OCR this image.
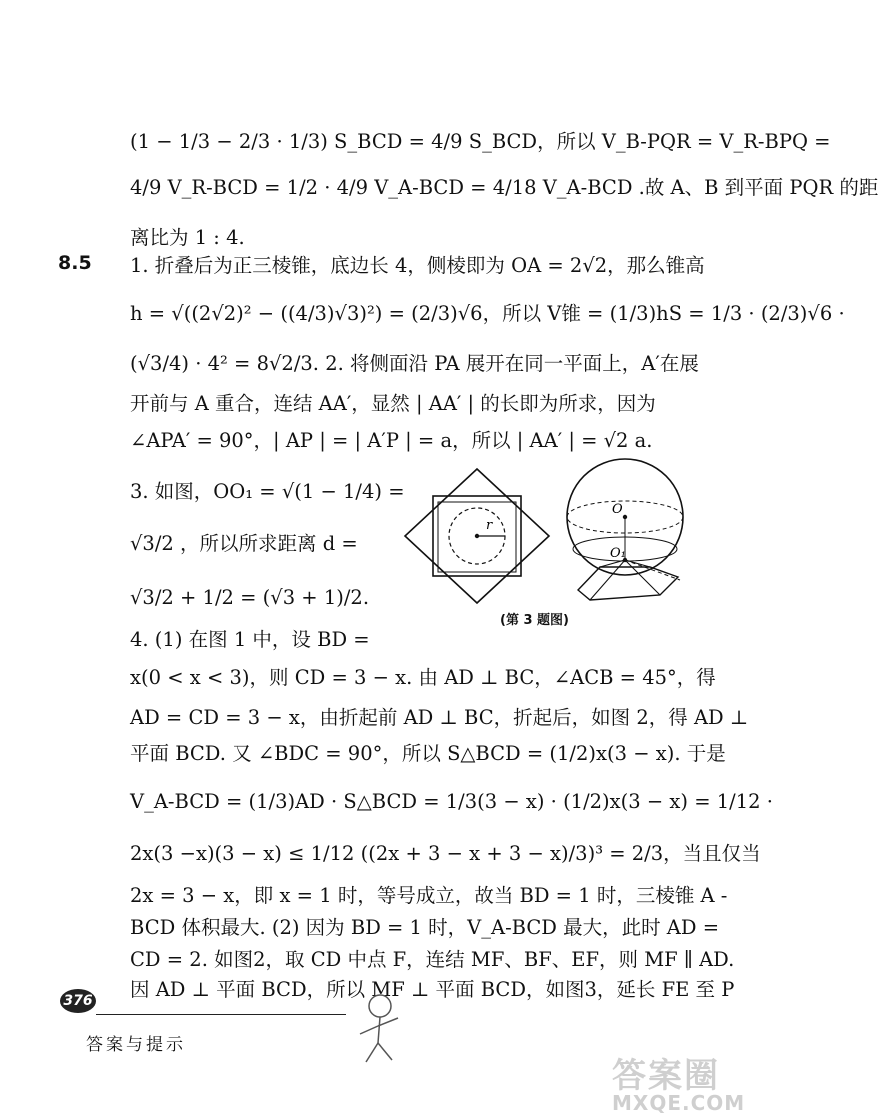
(1 − 1/3 − 2/3 · 1/3) S_BCD = 4/9 S_BCD，所以 V_B-PQR = V_R-BPQ =
4/9 V_R-BCD = 1/2 · 4/9 V_A-BCD = 4/18 V_A-BCD .故 A、B 到平面 PQR 的距
离比为 1 : 4.
8.5 1. 折叠后为正三棱锥，底边长 4，侧棱即为 OA = 2√2，那么锥高
h = √((2√2)² − ((4/3)√3)²) = (2/3)√6，所以 V锥 = (1/3)hS = 1/3 · (2/3)√6 ·
(√3/4) · 4² = 8√2/3. 2. 将侧面沿 PA 展开在同一平面上，A′在展
开前与 A 重合，连结 AA′，显然 | AA′ | 的长即为所求，因为
∠APA′ = 90°，| AP | = | A′P | = a，所以 | AA′ | = √2 a.
3. 如图，OO₁ = √(1 − 1/4) =
√3/2 ，所以所求距离 d =
√3/2 + 1/2 = (√3 + 1)/2.
4. (1) 在图 1 中，设 BD =
r
O
O₁
(第 3 题图)
x(0 < x < 3)，则 CD = 3 − x. 由 AD ⊥ BC，∠ACB = 45°，得
AD = CD = 3 − x，由折起前 AD ⊥ BC，折起后，如图 2，得 AD ⊥
平面 BCD. 又 ∠BDC = 90°，所以 S△BCD = (1/2)x(3 − x). 于是
V_A-BCD = (1/3)AD · S△BCD = 1/3(3 − x) · (1/2)x(3 − x) = 1/12 ·
2x(3 −x)(3 − x) ≤ 1/12 ((2x + 3 − x + 3 − x)/3)³ = 2/3，当且仅当
2x = 3 − x，即 x = 1 时，等号成立，故当 BD = 1 时，三棱锥 A -
BCD 体积最大. (2) 因为 BD = 1 时，V_A-BCD 最大，此时 AD =
CD = 2. 如图2，取 CD 中点 F，连结 MF、BF、EF，则 MF ∥ AD.
因 AD ⊥ 平面 BCD，所以 MF ⊥ 平面 BCD，如图3，延长 FE 至 P
376
答案与提示
答案圈
MXQE.COM
